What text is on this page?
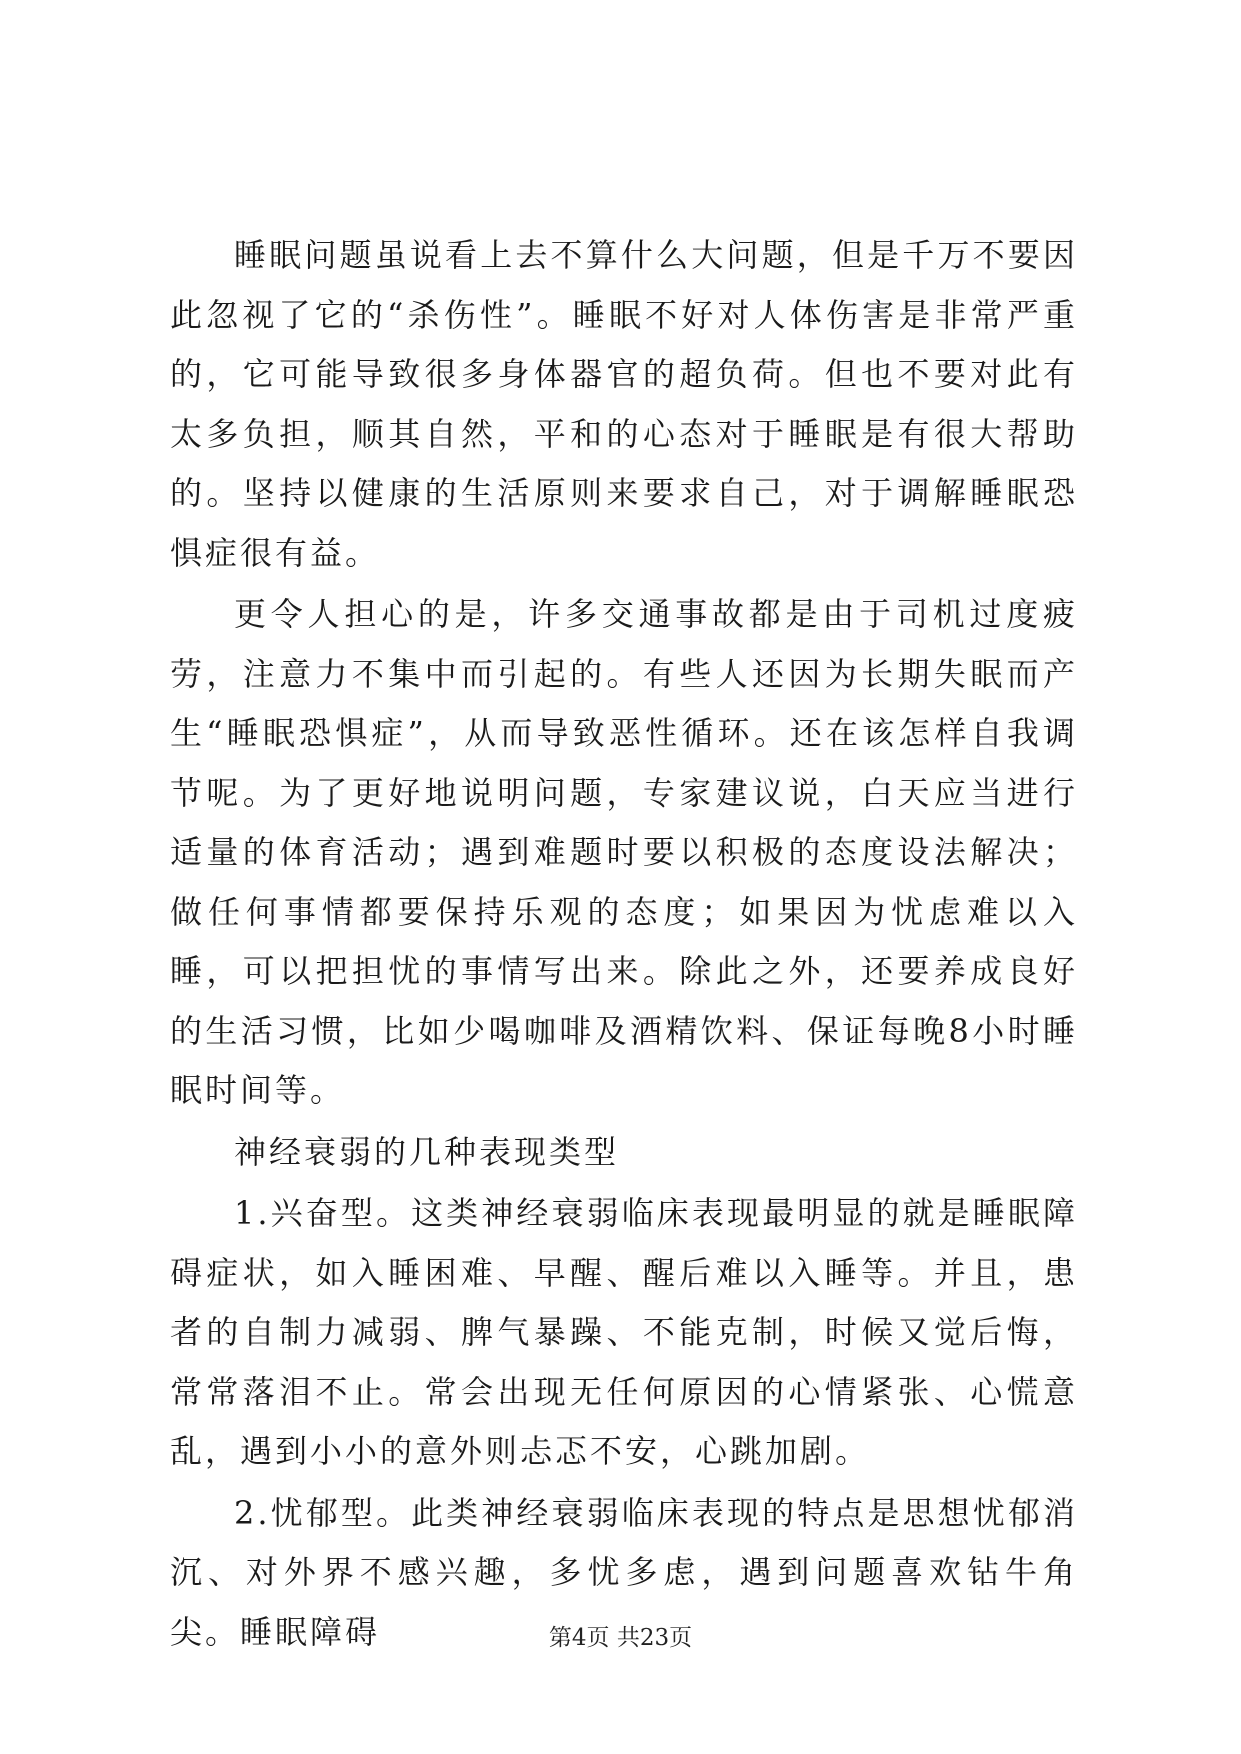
睡眠问题虽说看上去不算什么大问题，但是千万不要因此忽视了它的“杀伤性”。睡眠不好对人体伤害是非常严重的，它可能导致很多身体器官的超负荷。但也不要对此有太多负担，顺其自然，平和的心态对于睡眠是有很大帮助的。坚持以健康的生活原则来要求自己，对于调解睡眠恐惧症很有益。

更令人担心的是，许多交通事故都是由于司机过度疲劳，注意力不集中而引起的。有些人还因为长期失眠而产生“睡眠恐惧症”，从而导致恶性循环。还在该怎样自我调节呢。为了更好地说明问题，专家建议说，白天应当进行适量的体育活动；遇到难题时要以积极的态度设法解决；做任何事情都要保持乐观的态度；如果因为忧虑难以入睡，可以把担忧的事情写出来。除此之外，还要养成良好的生活习惯，比如少喝咖啡及酒精饮料、保证每晚8小时睡眠时间等。

神经衰弱的几种表现类型

1.兴奋型。这类神经衰弱临床表现最明显的就是睡眠障碍症状，如入睡困难、早醒、醒后难以入睡等。并且，患者的自制力减弱、脾气暴躁、不能克制，时候又觉后悔，常常落泪不止。常会出现无任何原因的心情紧张、心慌意乱，遇到小小的意外则忐忑不安，心跳加剧。

2.忧郁型。此类神经衰弱临床表现的特点是思想忧郁消沉、对外界不感兴趣，多忧多虑，遇到问题喜欢钻牛角尖。睡眠障碍	第4页 共23页
